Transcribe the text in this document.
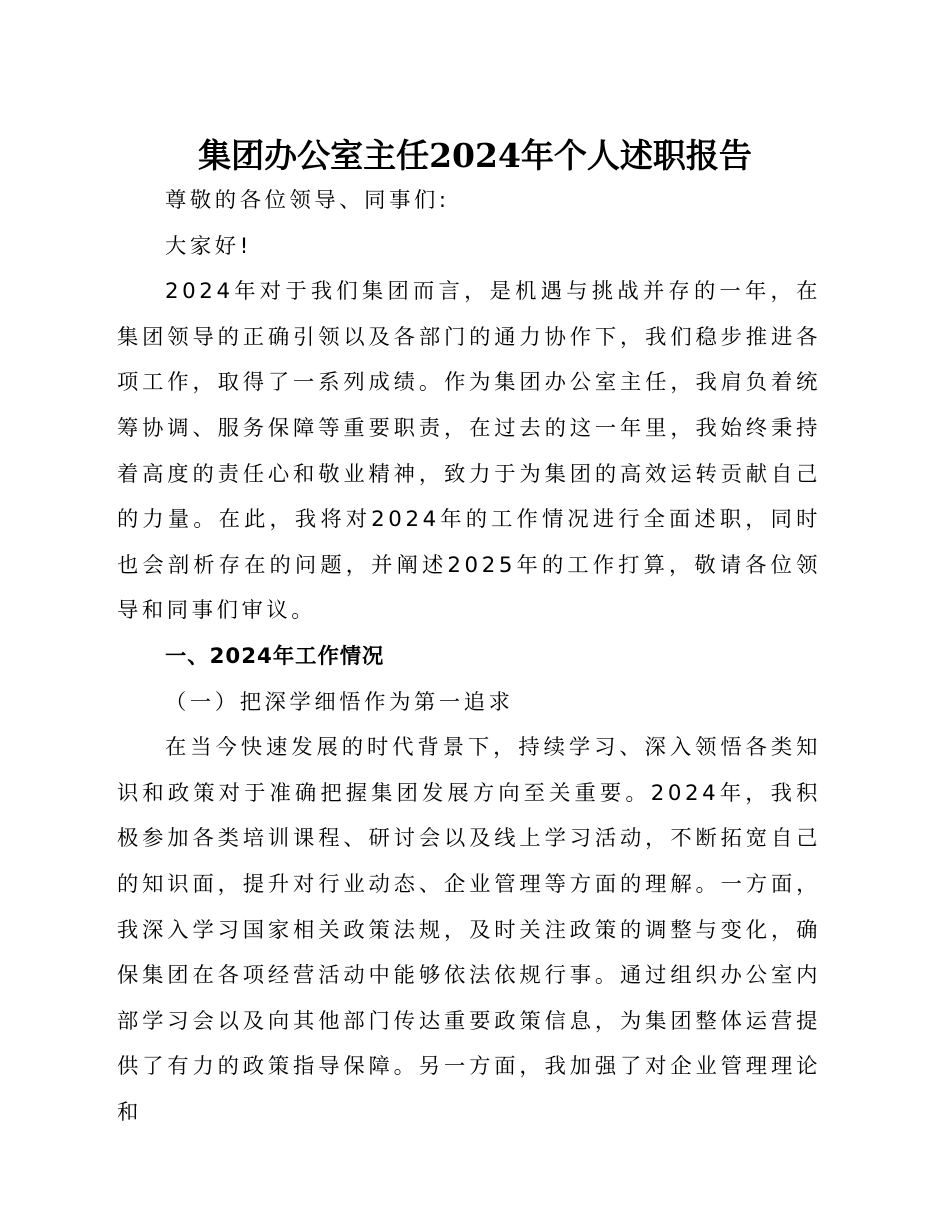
集团办公室主任2024年个人述职报告

尊敬的各位领导、同事们:

大家好!

2024年对于我们集团而言，是机遇与挑战并存的一年，在集团领导的正确引领以及各部门的通力协作下，我们稳步推进各项工作，取得了一系列成绩。作为集团办公室主任，我肩负着统筹协调、服务保障等重要职责，在过去的这一年里，我始终秉持着高度的责任心和敬业精神，致力于为集团的高效运转贡献自己的力量。在此，我将对2024年的工作情况进行全面述职，同时也会剖析存在的问题，并阐述2025年的工作打算，敬请各位领导和同事们审议。

一、2024年工作情况

（一）把深学细悟作为第一追求

在当今快速发展的时代背景下，持续学习、深入领悟各类知识和政策对于准确把握集团发展方向至关重要。2024年，我积极参加各类培训课程、研讨会以及线上学习活动，不断拓宽自己的知识面，提升对行业动态、企业管理等方面的理解。一方面，我深入学习国家相关政策法规，及时关注政策的调整与变化，确保集团在各项经营活动中能够依法依规行事。通过组织办公室内部学习会以及向其他部门传达重要政策信息，为集团整体运营提供了有力的政策指导保障。另一方面，我加强了对企业管理理论和
